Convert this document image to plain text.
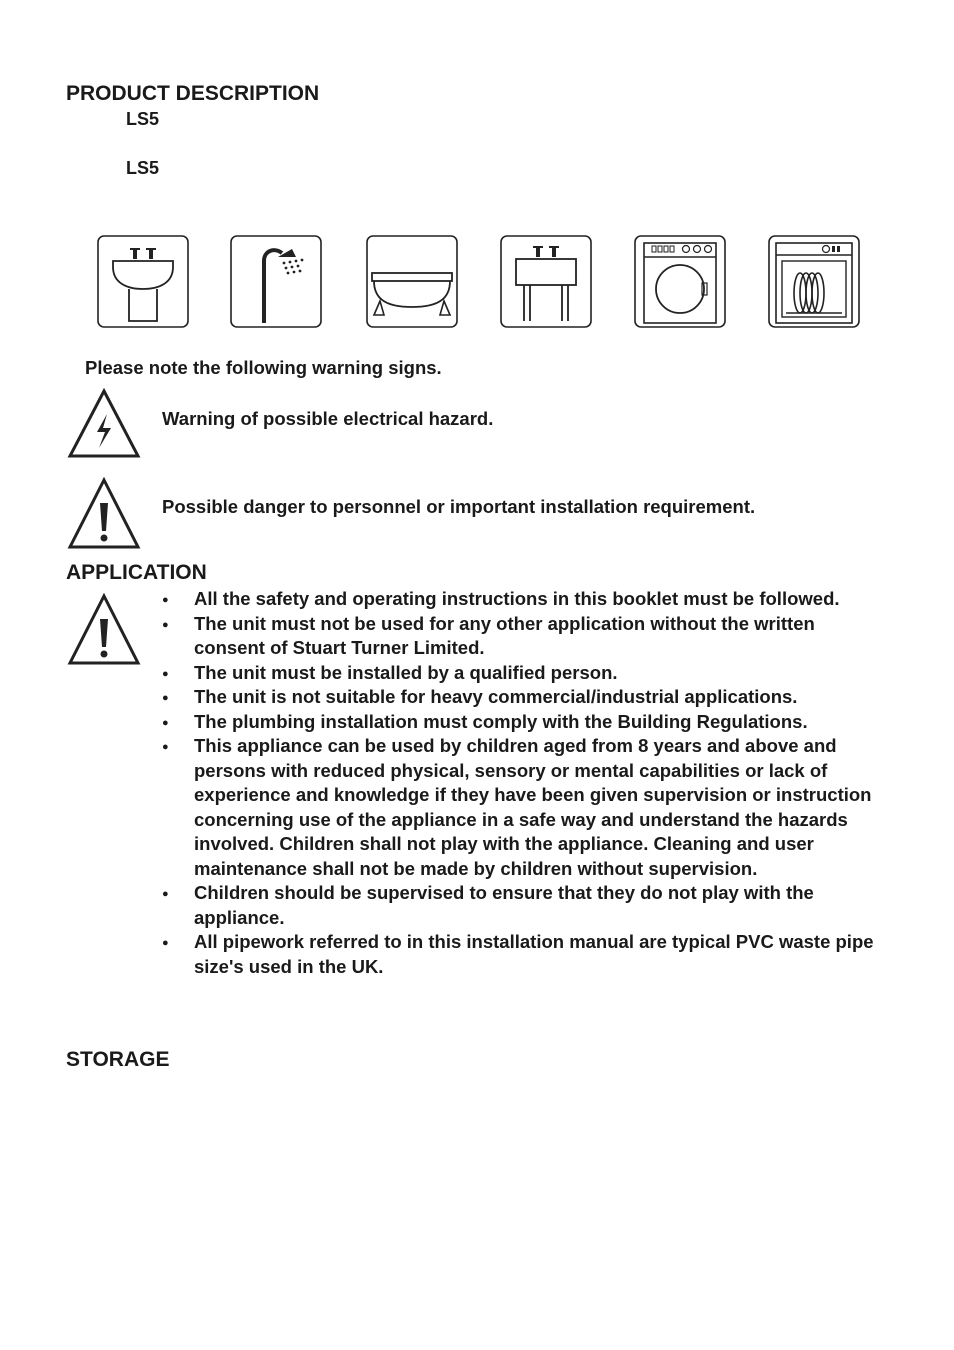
PRODUCT DESCRIPTION
LS5
LS5
Please note the following warning signs.
Warning of possible electrical hazard.
Possible danger to personnel or important installation requirement.
APPLICATION
● All the safety and operating instructions in this booklet must be followed.
● The unit must not be used for any other application without the written consent of Stuart Turner Limited.
● The unit must be installed by a qualified person.
● The unit is not suitable for heavy commercial/industrial applications.
● The plumbing installation must comply with the Building Regulations.
● This appliance can be used by children aged from 8 years and above and persons with reduced physical, sensory or mental capabilities or lack of experience and knowledge if they have been given supervision or instruction concerning use of the appliance in a safe way and understand the hazards involved. Children shall not play with the appliance. Cleaning and user maintenance shall not be made by children without supervision.
● Children should be supervised to ensure that they do not play with the appliance.
● All pipework referred to in this installation manual are typical PVC waste pipe size's used in the UK.
STORAGE
